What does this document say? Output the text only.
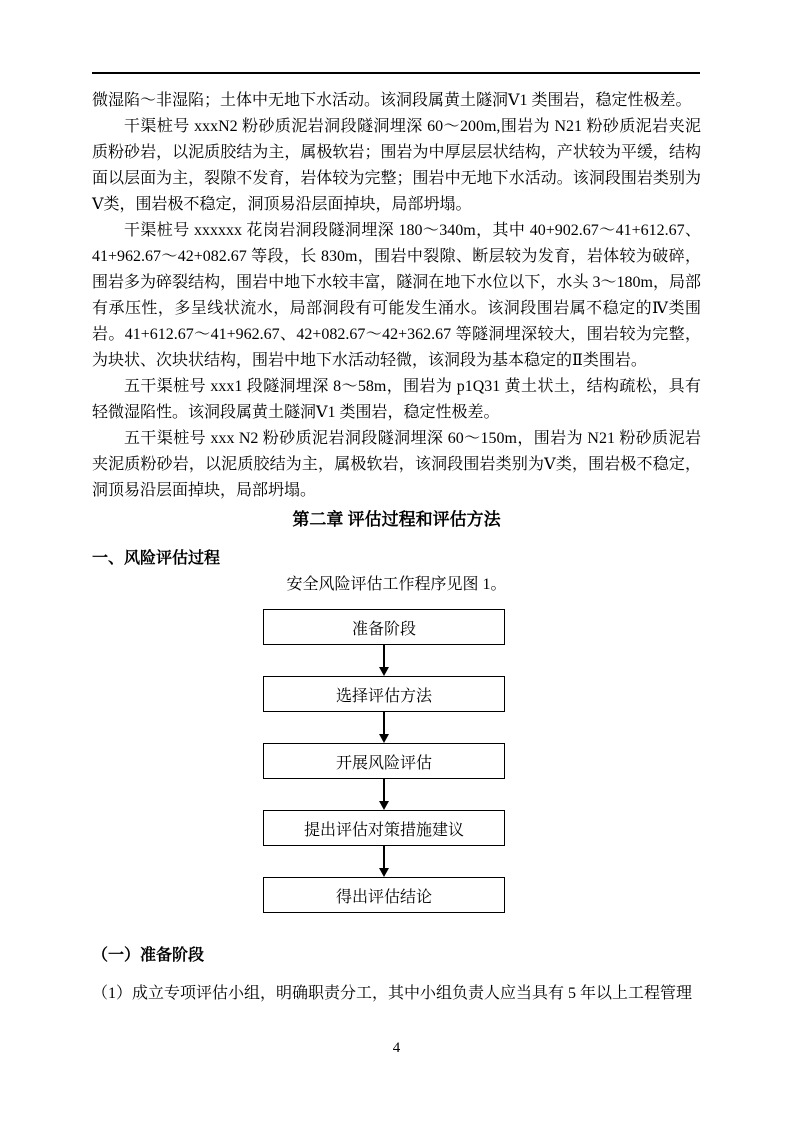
微湿陷～非湿陷；土体中无地下水活动。该洞段属黄土隧洞Ⅴ1 类围岩，稳定性极差。

干渠桩号 xxxN2 粉砂质泥岩洞段隧洞埋深 60～200m,围岩为 N21 粉砂质泥岩夹泥质粉砂岩，以泥质胶结为主，属极软岩；围岩为中厚层层状结构，产状较为平缓，结构面以层面为主，裂隙不发育，岩体较为完整；围岩中无地下水活动。该洞段围岩类别为Ⅴ类，围岩极不稳定，洞顶易沿层面掉块，局部坍塌。

干渠桩号 xxxxxx 花岗岩洞段隧洞埋深 180～340m，其中 40+902.67～41+612.67、41+962.67～42+082.67 等段，长 830m，围岩中裂隙、断层较为发育，岩体较为破碎，围岩多为碎裂结构，围岩中地下水较丰富，隧洞在地下水位以下，水头 3～180m，局部有承压性，多呈线状流水，局部洞段有可能发生涌水。该洞段围岩属不稳定的Ⅳ类围岩。41+612.67～41+962.67、42+082.67～42+362.67 等隧洞埋深较大，围岩较为完整，为块状、次块状结构，围岩中地下水活动轻微，该洞段为基本稳定的Ⅱ类围岩。

五干渠桩号 xxx1 段隧洞埋深 8～58m，围岩为 p1Q31 黄土状土，结构疏松，具有轻微湿陷性。该洞段属黄土隧洞Ⅴ1 类围岩，稳定性极差。

五干渠桩号 xxx N2 粉砂质泥岩洞段隧洞埋深 60～150m，围岩为 N21 粉砂质泥岩夹泥质粉砂岩，以泥质胶结为主，属极软岩，该洞段围岩类别为Ⅴ类，围岩极不稳定，洞顶易沿层面掉块，局部坍塌。

第二章 评估过程和评估方法
一、风险评估过程

安全风险评估工作程序见图 1。

准备阶段
选择评估方法
开展风险评估
提出评估对策措施建议
得出评估结论
（一）准备阶段

（1）成立专项评估小组，明确职责分工，其中小组负责人应当具有 5 年以上工程管理

4
